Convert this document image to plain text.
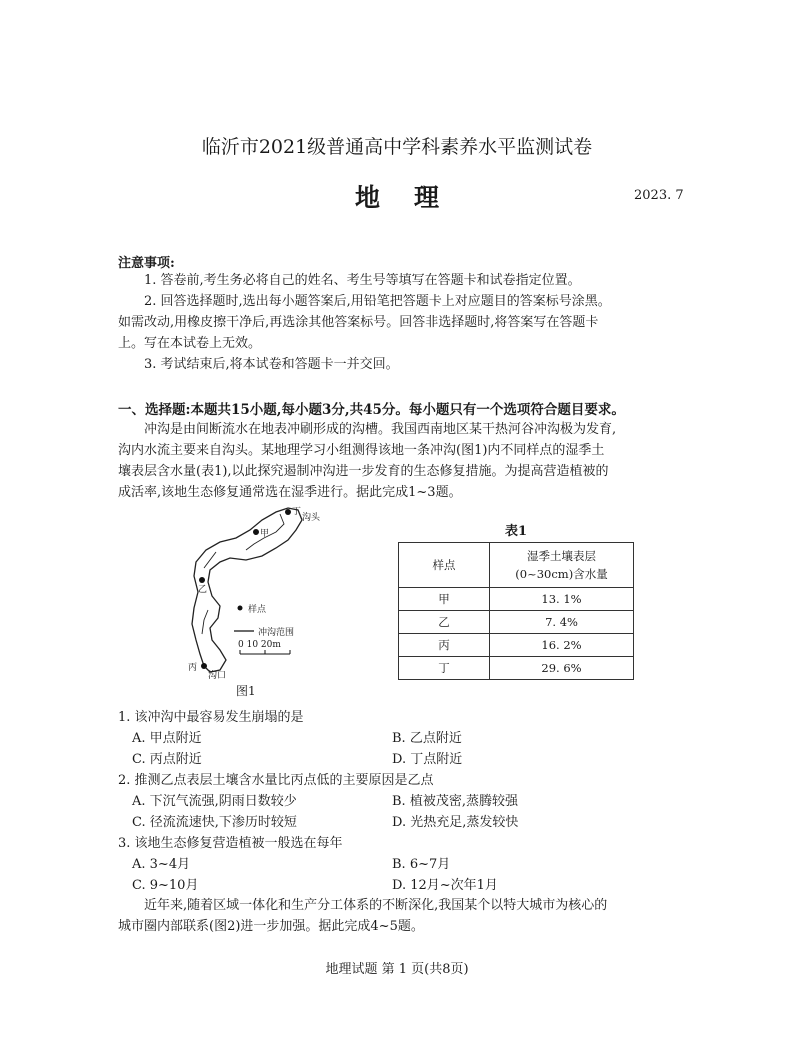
临沂市2021级普通高中学科素养水平监测试卷
地理	2023. 7
注意事项:
1. 答卷前,考生务必将自己的姓名、考生号等填写在答题卡和试卷指定位置。
2. 回答选择题时,选出每小题答案后,用铅笔把答题卡上对应题目的答案标号涂黑。
如需改动,用橡皮擦干净后,再选涂其他答案标号。回答非选择题时,将答案写在答题卡
上。写在本试卷上无效。
3. 考试结束后,将本试卷和答题卡一并交回。
一、选择题:本题共15小题,每小题3分,共45分。每小题只有一个选项符合题目要求。
冲沟是由间断流水在地表冲刷形成的沟槽。我国西南地区某干热河谷冲沟极为发育,
沟内水流主要来自沟头。某地理学习小组测得该地一条冲沟(图1)内不同样点的湿季土
壤表层含水量(表1),以此探究遏制冲沟进一步发育的生态修复措施。为提高营造植被的
成活率,该地生态修复通常选在湿季进行。据此完成1~3题。
丁
沟头
甲
乙
丙
沟口
样点
冲沟范围
0 10 20m
图1
表1
样点	湿季土壤表层
(0~30cm)含水量

甲	13. 1%
乙	7. 4%
丙	16. 2%
丁	29. 6%
1. 该冲沟中最容易发生崩塌的是
A. 甲点附近	B. 乙点附近
C. 丙点附近	D. 丁点附近
2. 推测乙点表层土壤含水量比丙点低的主要原因是乙点
A. 下沉气流强,阴雨日数较少	B. 植被茂密,蒸腾较强
C. 径流流速快,下渗历时较短	D. 光热充足,蒸发较快
3. 该地生态修复营造植被一般选在每年
A. 3~4月	B. 6~7月
C. 9~10月	D. 12月~次年1月
近年来,随着区域一体化和生产分工体系的不断深化,我国某个以特大城市为核心的
城市圈内部联系(图2)进一步加强。据此完成4~5题。
地理试题 第 1 页(共8页)
